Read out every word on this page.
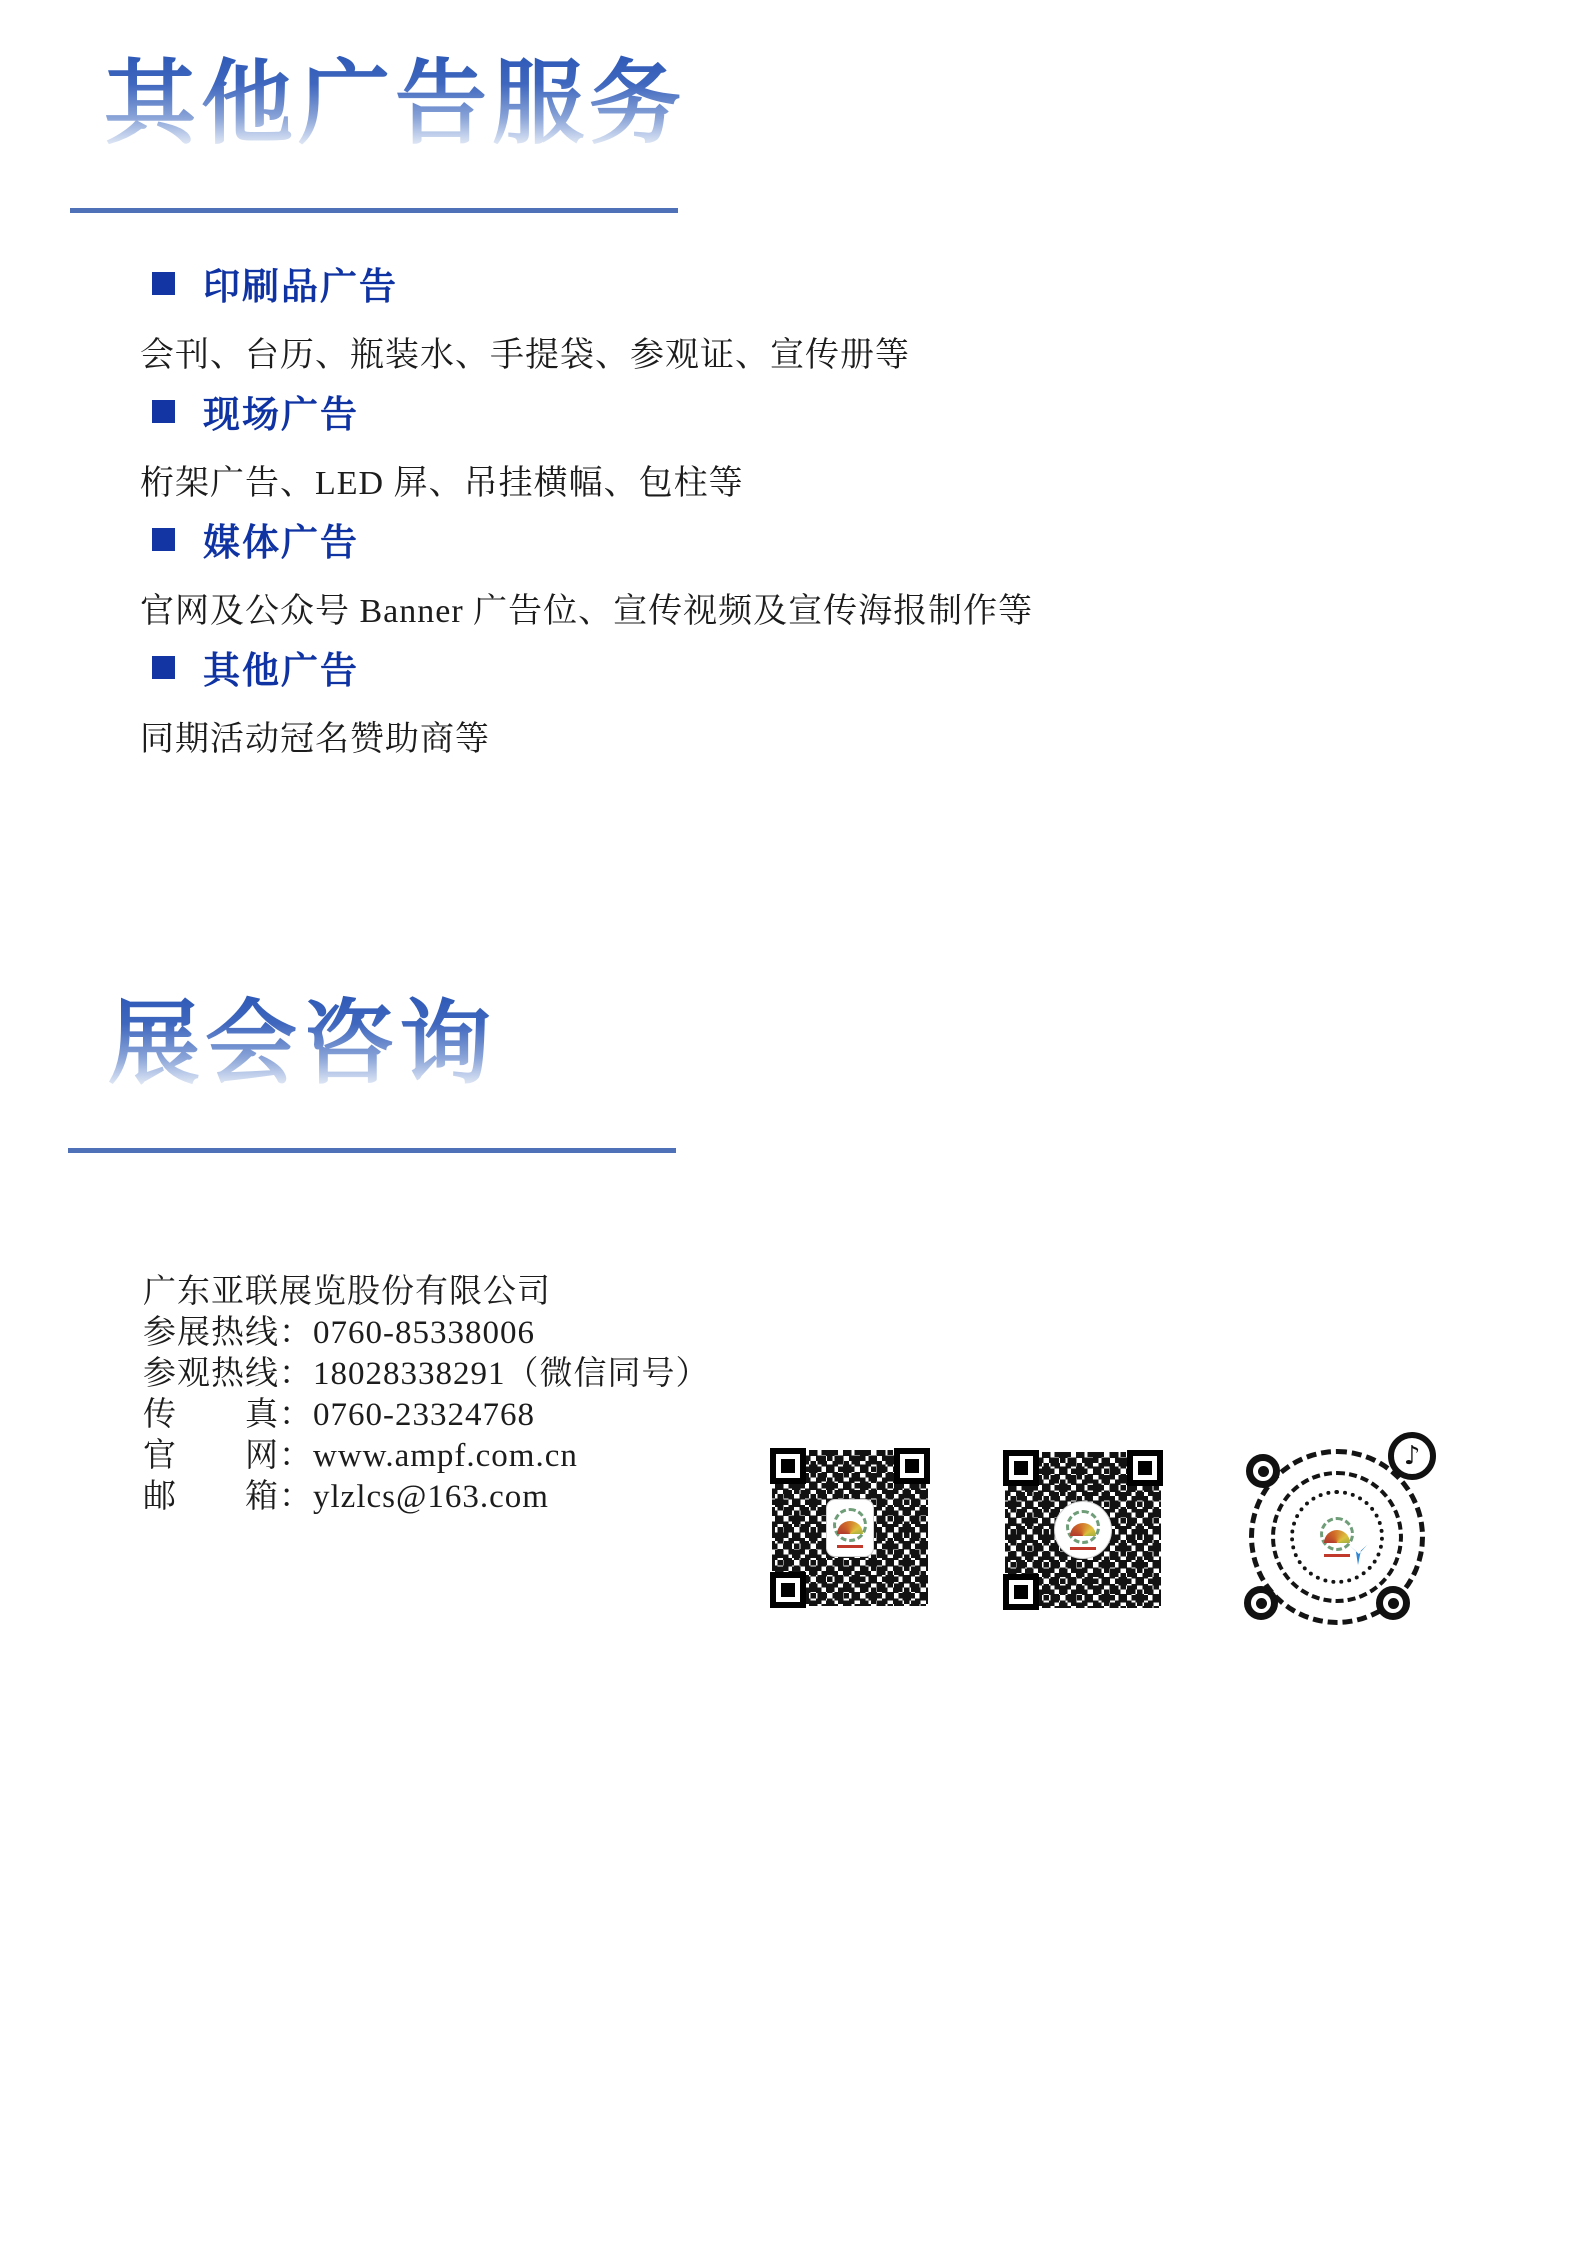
其他广告服务
印刷品广告
会刊、台历、瓶装水、手提袋、参观证、宣传册等
现场广告
桁架广告、LED 屏、吊挂横幅、包柱等
媒体广告
官网及公众号 Banner 广告位、宣传视频及宣传海报制作等
其他广告
同期活动冠名赞助商等
展会咨询
广东亚联展览股份有限公司
参展热线：0760-85338006
参观热线：18028338291（微信同号）
传　　真：0760-23324768
官　　网：www.ampf.com.cn
邮　　箱：ylzlcs@163.com
♪
